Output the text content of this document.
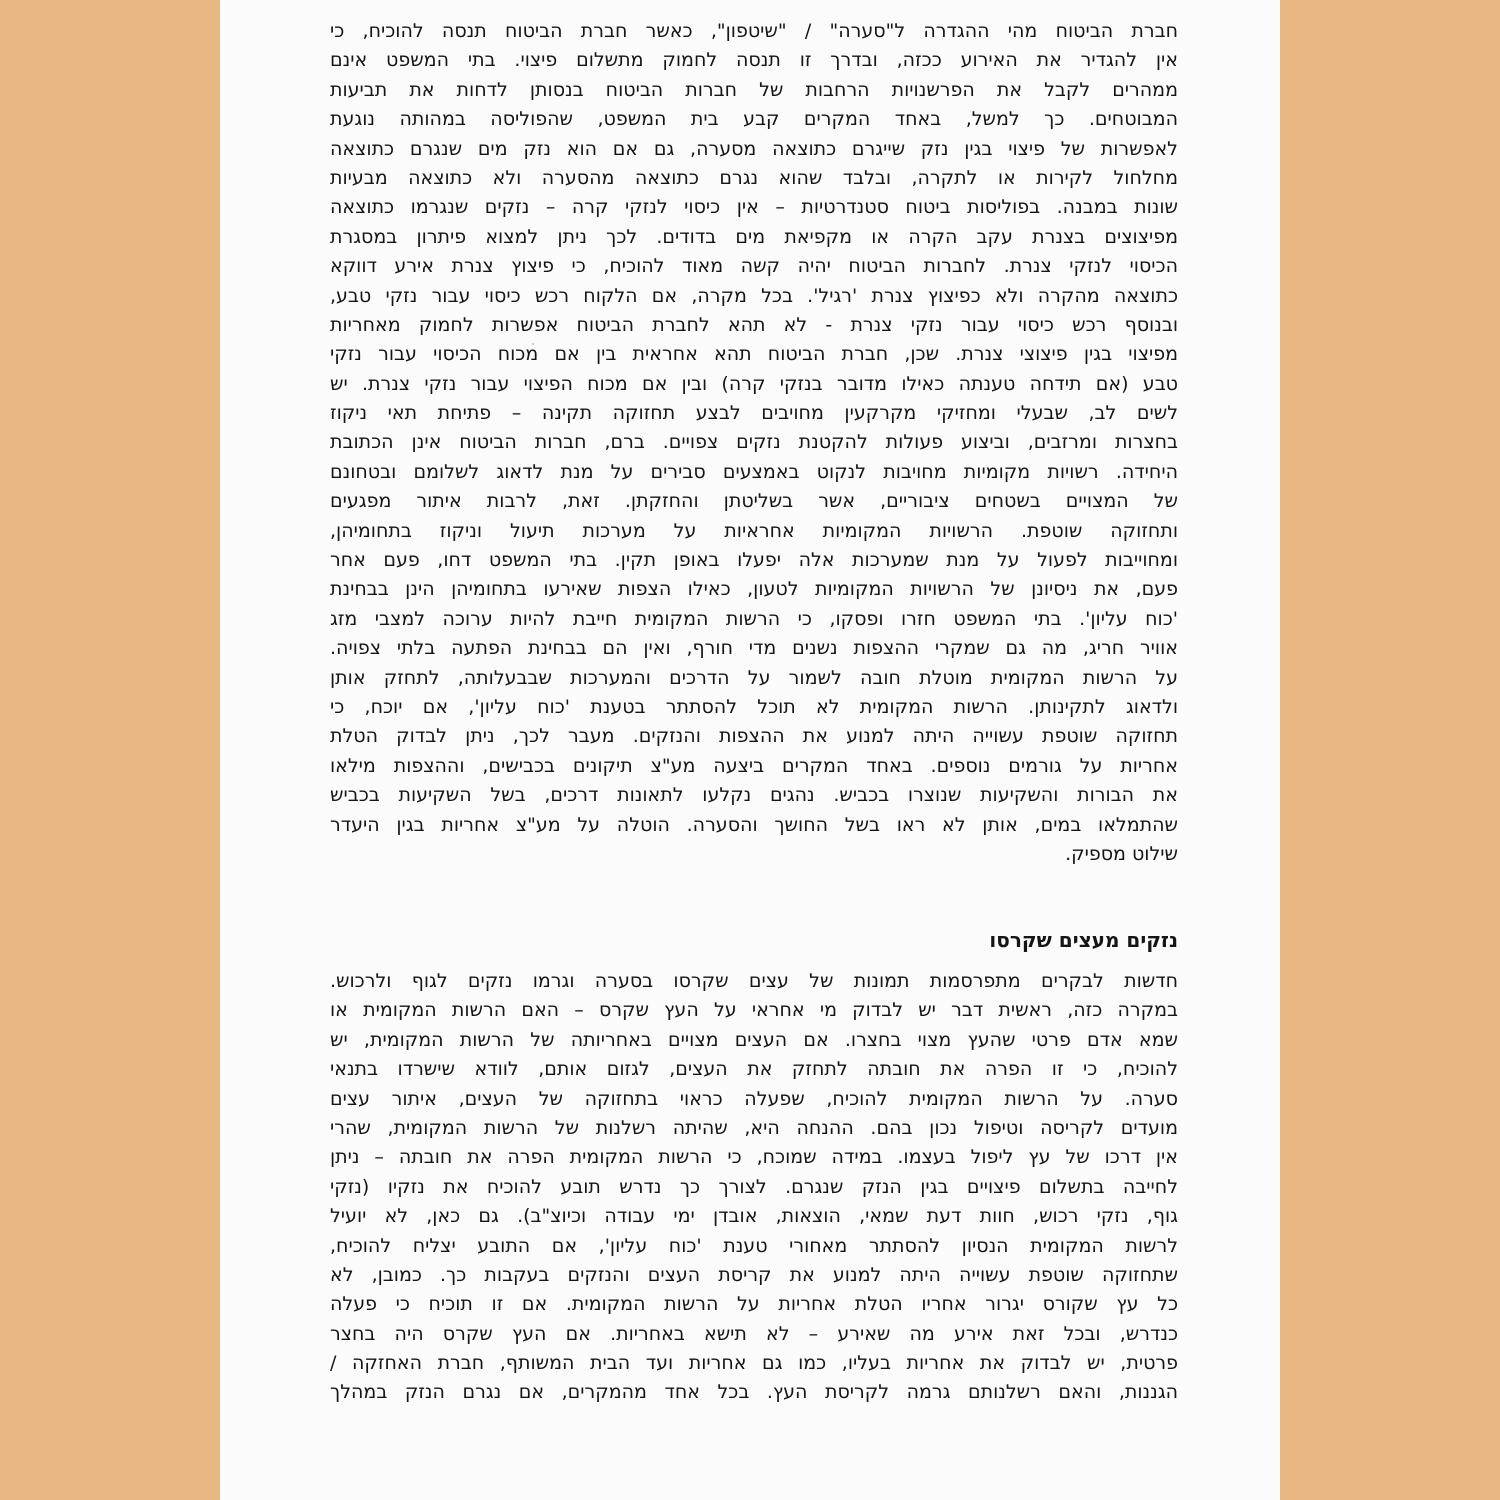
חברת הביטוח מהי ההגדרה ל"סערה" / "שיטפון", כאשר חברת הביטוח תנסה להוכיח, כי
אין להגדיר את האירוע ככזה, ובדרך זו תנסה לחמוק מתשלום פיצוי. בתי המשפט אינם
ממהרים לקבל את הפרשנויות הרחבות של חברות הביטוח בנסותן לדחות את תביעות
המבוטחים. כך למשל, באחד המקרים קבע בית המשפט, שהפוליסה במהותה נוגעת
לאפשרות של פיצוי בגין נזק שייגרם כתוצאה מסערה, גם אם הוא נזק מים שנגרם כתוצאה
מחלחול לקירות או לתקרה, ובלבד שהוא נגרם כתוצאה מהסערה ולא כתוצאה מבעיות
שונות במבנה. בפוליסות ביטוח סטנדרטיות – אין כיסוי לנזקי קרה – נזקים שנגרמו כתוצאה
מפיצוצים בצנרת עקב הקרה או מקפיאת מים בדודים. לכך ניתן למצוא פיתרון במסגרת
הכיסוי לנזקי צנרת. לחברות הביטוח יהיה קשה מאוד להוכיח, כי פיצוץ צנרת אירע דווקא
כתוצאה מהקרה ולא כפיצוץ צנרת 'רגיל'. בכל מקרה, אם הלקוח רכש כיסוי עבור נזקי טבע,
ובנוסף רכש כיסוי עבור נזקי צנרת - לא תהא לחברת הביטוח אפשרות לחמוק מאחריות
מפיצוי בגין פיצוצי צנרת. שכן, חברת הביטוח תהא אחראית בין אם מכוח הכיסוי עבור נזקי
טבע (אם תידחה טענתה כאילו מדובר בנזקי קרה) ובין אם מכוח הפיצוי עבור נזקי צנרת. יש
לשים לב, שבעלי ומחזיקי מקרקעין מחויבים לבצע תחזוקה תקינה – פתיחת תאי ניקוז
בחצרות ומרזבים, וביצוע פעולות להקטנת נזקים צפויים. ברם, חברות הביטוח אינן הכתובת
היחידה. רשויות מקומיות מחויבות לנקוט באמצעים סבירים על מנת לדאוג לשלומם ובטחונם
של המצויים בשטחים ציבוריים, אשר בשליטתן והחזקתן. זאת, לרבות איתור מפגעים
ותחזוקה שוטפת. הרשויות המקומיות אחראיות על מערכות תיעול וניקוז בתחומיהן,
ומחוייבות לפעול על מנת שמערכות אלה יפעלו באופן תקין. בתי המשפט דחו, פעם אחר
פעם, את ניסיונן של הרשויות המקומיות לטעון, כאילו הצפות שאירעו בתחומיהן הינן בבחינת
'כוח עליון'. בתי המשפט חזרו ופסקו, כי הרשות המקומית חייבת להיות ערוכה למצבי מזג
אוויר חריג, מה גם שמקרי ההצפות נשנים מדי חורף, ואין הם בבחינת הפתעה בלתי צפויה.
על הרשות המקומית מוטלת חובה לשמור על הדרכים והמערכות שבבעלותה, לתחזק אותן
ולדאוג לתקינותן. הרשות המקומית לא תוכל להסתתר בטענת 'כוח עליון', אם יוכח, כי
תחזוקה שוטפת עשוייה היתה למנוע את ההצפות והנזקים. מעבר לכך, ניתן לבדוק הטלת
אחריות על גורמים נוספים. באחד המקרים ביצעה מע"צ תיקונים בכבישים, וההצפות מילאו
את הבורות והשקיעות שנוצרו בכביש. נהגים נקלעו לתאונות דרכים, בשל השקיעות בכביש
שהתמלאו במים, אותן לא ראו בשל החושך והסערה. הוטלה על מע"צ אחריות בגין היעדר
שילוט מספיק.
נזקים מעצים שקרסו
חדשות לבקרים מתפרסמות תמונות של עצים שקרסו בסערה וגרמו נזקים לגוף ולרכוש.
במקרה כזה, ראשית דבר יש לבדוק מי אחראי על העץ שקרס – האם הרשות המקומית או
שמא אדם פרטי שהעץ מצוי בחצרו. אם העצים מצויים באחריותה של הרשות המקומית, יש
להוכיח, כי זו הפרה את חובתה לתחזק את העצים, לגזום אותם, לוודא שישרדו בתנאי
סערה. על הרשות המקומית להוכיח, שפעלה כראוי בתחזוקה של העצים, איתור עצים
מועדים לקריסה וטיפול נכון בהם. ההנחה היא, שהיתה רשלנות של הרשות המקומית, שהרי
אין דרכו של עץ ליפול בעצמו. במידה שמוכח, כי הרשות המקומית הפרה את חובתה – ניתן
לחייבה בתשלום פיצויים בגין הנזק שנגרם. לצורך כך נדרש תובע להוכיח את נזקיו (נזקי
גוף, נזקי רכוש, חוות דעת שמאי, הוצאות, אובדן ימי עבודה וכיוצ"ב). גם כאן, לא יועיל
לרשות המקומית הנסיון להסתתר מאחורי טענת 'כוח עליון', אם התובע יצליח להוכיח,
שתחזוקה שוטפת עשוייה היתה למנוע את קריסת העצים והנזקים בעקבות כך. כמובן, לא
כל עץ שקורס יגרור אחריו הטלת אחריות על הרשות המקומית. אם זו תוכיח כי פעלה
כנדרש, ובכל זאת אירע מה שאירע – לא תישא באחריות. אם העץ שקרס היה בחצר
פרטית, יש לבדוק את אחריות בעליו, כמו גם אחריות ועד הבית המשותף, חברת האחזקה /
הגננות, והאם רשלנותם גרמה לקריסת העץ. בכל אחד מהמקרים, אם נגרם הנזק במהלך
